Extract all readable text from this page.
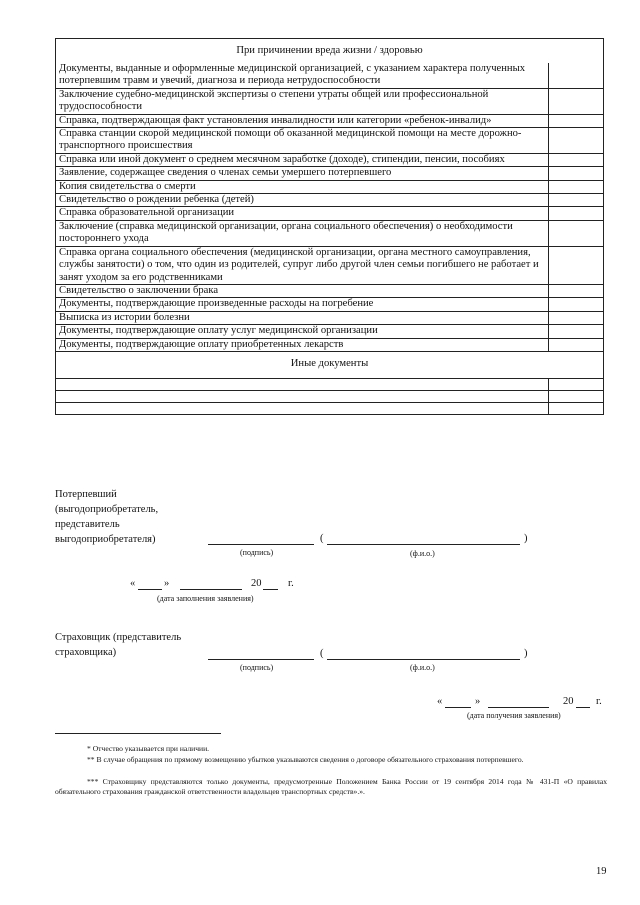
При причинении вреда жизни / здоровью
Документы, выданные и оформленные медицинской организацией, с указанием характера полученных потерпевшим травм и увечий, диагноза и периода нетрудоспособности
Заключение судебно-медицинской экспертизы о степени утраты общей или профессиональной трудоспособности
Справка, подтверждающая факт установления инвалидности или категории «ребенок-инвалид»
Справка станции скорой медицинской помощи об оказанной медицинской помощи на месте дорожно-транспортного происшествия
Справка или иной документ о среднем месячном заработке (доходе), стипендии, пенсии, пособиях
Заявление, содержащее сведения о членах семьи умершего потерпевшего
Копия свидетельства о смерти
Свидетельство о рождении ребенка (детей)
Справка образовательной организации
Заключение (справка медицинской организации, органа социального обеспечения) о необходимости постороннего ухода
Справка органа социального обеспечения (медицинской организации, органа местного самоуправления, службы занятости) о том, что один из родителей, супруг либо другой член семьи погибшего не работает и занят уходом за его родственниками
Свидетельство о заключении брака
Документы, подтверждающие произведенные расходы на погребение
Выписка из истории болезни
Документы, подтверждающие оплату услуг медицинской организации
Документы, подтверждающие оплату приобретенных лекарств
Иные документы
Потерпевший
(выгодоприобретатель,
представитель
выгодоприобретателя)	(	)
(подпись)	(ф.и.о.)
«	»	20	г.
(дата заполнения заявления)
Страховщик (представитель
страховщика)	(	)
(подпись)	(ф.и.о.)
«	»	20 г.
(дата получения заявления)
* Отчество указывается при наличии.
** В случае обращения по прямому возмещению убытков указываются сведения о договоре обязательного страхования потерпевшего.
*** Страховщику представляются только документы, предусмотренные Положением Банка России от 19 сентября 2014 года № 431-П «О правилах обязательного страхования гражданской ответственности владельцев транспортных средств».».
19
